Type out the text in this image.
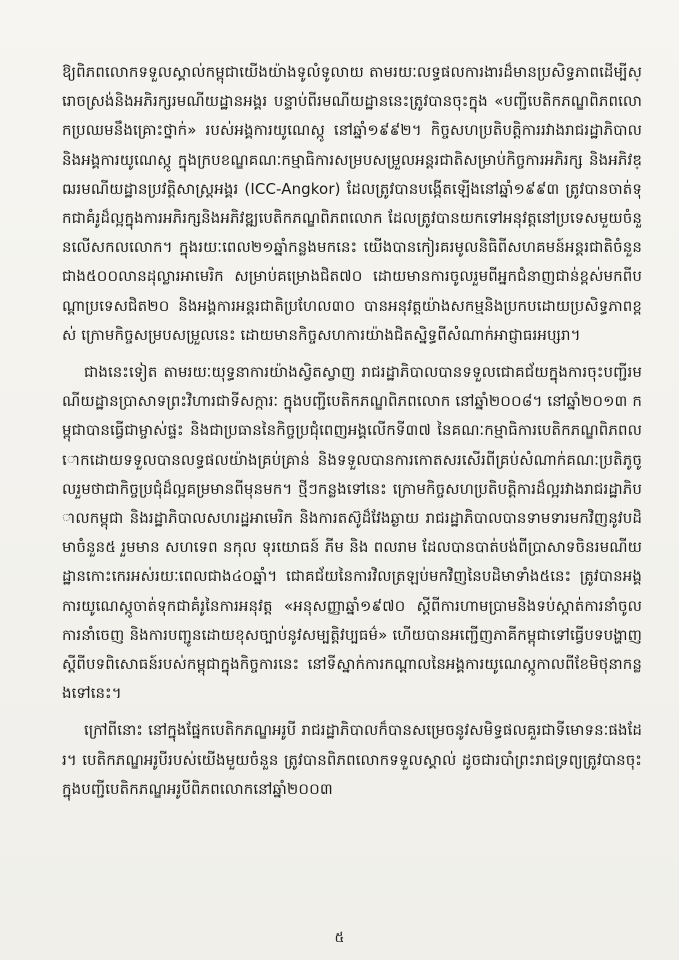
ឱ្យពិភពលោកទទួលស្គាល់កម្ពុជាយើងយ៉ាងទូលំទូលាយ តាមរយៈលទ្ធផលការងារដ៏មានប្រសិទ្ធភាពដើម្បីស្រោចស្រង់និងអភិរក្សរមណីយដ្ឋានអង្គរ បន្ទាប់ពីរមណីយដ្ឋាននេះត្រូវបានចុះក្នុង «បញ្ជីបេតិកភណ្ឌពិភពលោកប្រឈមនឹងគ្រោះថ្នាក់» របស់អង្គការយូណេស្កូ នៅឆ្នាំ១៩៩២។ កិច្ចសហប្រតិបត្តិការរវាងរាជរដ្ឋាភិបាល និងអង្គការយូណេស្កូ ក្នុងក្របខណ្ឌគណៈកម្មាធិការសម្របសម្រួលអន្តរជាតិសម្រាប់កិច្ចការអភិរក្ស និងអភិវឌ្ឍរមណីយដ្ឋានប្រវត្តិសាស្ត្រអង្គរ (ICC-Angkor) ដែលត្រូវបានបង្កើតឡើងនៅឆ្នាំ១៩៩៣ ត្រូវបានចាត់ទុកជាគំរូដ៏ល្អក្នុងការអភិរក្សនិងអភិវឌ្ឍបេតិកភណ្ឌពិភពលោក ដែលត្រូវបានយកទៅអនុវត្តនៅប្រទេសមួយចំនួនលើសកលលោក។ ក្នុងរយៈពេល២១ឆ្នាំកន្លងមកនេះ យើងបានកៀរគរមូលនិធិពីសហគមន៍អន្តរជាតិចំនួនជាង៥០០លានដុល្លារអាមេរិក សម្រាប់គម្រោងជិត៧០ ដោយមានការចូលរួមពីអ្នកជំនាញជាន់ខ្ពស់មកពីបណ្តាប្រទេសជិត២០ និងអង្គការអន្តរជាតិប្រហែល៣០ បានអនុវត្តយ៉ាងសកម្មនិងប្រកបដោយប្រសិទ្ធភាពខ្ពស់ ក្រោមកិច្ចសម្របសម្រួលនេះ ដោយមានកិច្ចសហការយ៉ាងជិតស្និទ្ធពីសំណាក់អាជ្ញាធរអប្សរា។

ជាងនេះទៀត តាមរយៈយុទ្ធនាការយ៉ាងស្វិតស្វាញ រាជរដ្ឋាភិបាលបានទទួលជោគជ័យក្នុងការចុះបញ្ជីរមណីយដ្ឋានប្រាសាទព្រះវិហារជាទីសក្ការៈ ក្នុងបញ្ជីបេតិកភណ្ឌពិភពលោក នៅឆ្នាំ២០០៨។ នៅឆ្នាំ២០១៣ កម្ពុជាបានធ្វើជាម្ចាស់ផ្ទះ និងជាប្រធាននៃកិច្ចប្រជុំពេញអង្គលើកទី៣៧ នៃគណៈកម្មាធិការបេតិកភណ្ឌពិភពលោកដោយទទួលបានលទ្ធផលយ៉ាងគ្រប់គ្រាន់ និងទទួលបានការកោតសរសើរពីគ្រប់សំណាក់គណៈប្រតិភូចូលរួមថាជាកិច្ចប្រជុំដ៏ល្អគម្រមានពីមុនមក។ ថ្មីៗកន្លងទៅនេះ ក្រោមកិច្ចសហប្រតិបត្តិការដ៏ល្អរវាងរាជរដ្ឋាភិបាលកម្ពុជា និងរដ្ឋាភិបាលសហរដ្ឋអាមេរិក និងការតស៊ូដ៏វែងឆ្ងាយ រាជរដ្ឋាភិបាលបានទាមទារមកវិញនូវបដិមាចំនួន៥ រួមមាន សហទេព នកុល ទុរយោធន៍ ភីម និង ពលរាម ដែលបានបាត់បង់ពីប្រាសាទចិនរមណីយដ្ឋានកោះកេរអស់រយៈពេលជាង៤០ឆ្នាំ។ ជោគជ័យនៃការវិលត្រឡប់មកវិញនៃបដិមាទាំង៥នេះ ត្រូវបានអង្គការយូណេស្កូចាត់ទុកជាគំរូនៃការអនុវត្ត «អនុសញ្ញាឆ្នាំ១៩៧០ ស្តីពីការហាមប្រាមនិងទប់ស្កាត់ការនាំចូល ការនាំចេញ និងការបញ្ជូនដោយខុសច្បាប់នូវសម្បត្តិវប្បធម៌» ហើយបានអញ្ជើញភាគីកម្ពុជាទៅធ្វើបទបង្ហាញស្តីពីបទពិសោធន៍របស់កម្ពុជាក្នុងកិច្ចការនេះ នៅទីស្នាក់ការកណ្តាលនៃអង្គការយូណេស្កូកាលពីខែមិថុនាកន្លងទៅនេះ។

ក្រៅពីនោះ នៅក្នុងផ្នែកបេតិកភណ្ឌអរូបី រាជរដ្ឋាភិបាលក៏បានសម្រេចនូវសមិទ្ធផលគួរជាទីមោទនៈផងដែរ។ បេតិកភណ្ឌអរូបីរបស់យើងមួយចំនួន ត្រូវបានពិភពលោកទទួលស្គាល់ ដូចជារបាំព្រះរាជទ្រព្យត្រូវបានចុះក្នុងបញ្ជីបេតិកភណ្ឌអរូបីពិភពលោកនៅឆ្នាំ២០០៣

៥
